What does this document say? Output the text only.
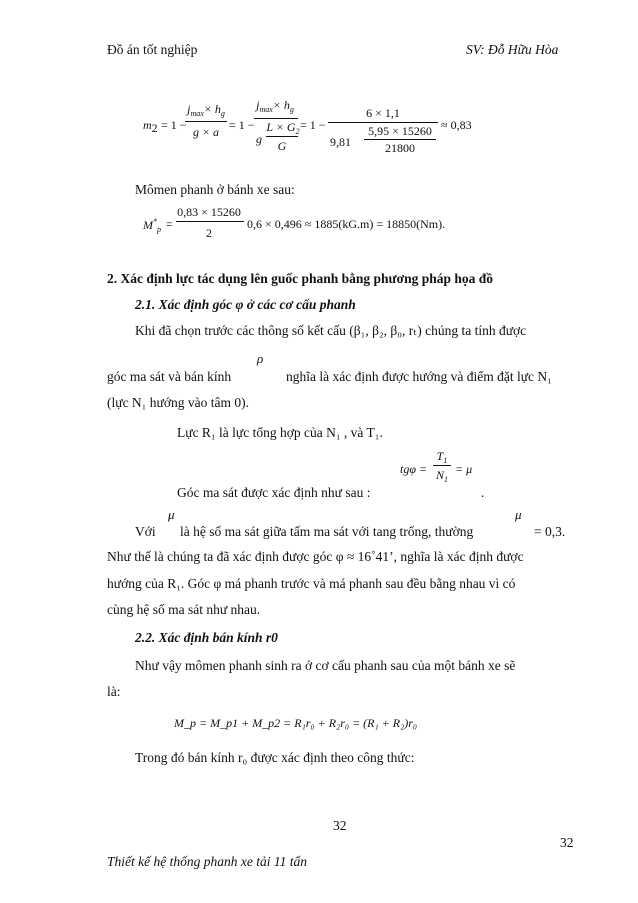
Đồ án tốt nghiệp	SV: Đỗ Hữu Hòa
$m_2 = 1$ −
$j_{max}\times h_g$
g × a = 1 −
$j_{max}\times h_g$
g
$L \times G_2$
G
= 1 −
6 × 1,1
9,81
5,95 × 15260
21800
≈ 0,83
Mômen phanh ở bánh xe sau:
$M^*_p$ =
0,83 × 15260
2
0,6 × 0,496 ≈ 1885(kG.m) = 18850(Nm).
2. Xác định lực tác dụng lên guốc phanh bằng phương pháp họa đồ
2.1. Xác định góc φ ở các cơ cấu phanh
Khi đã chọn trước các thông số kết cấu (β₁, β₂, β₀, rₜ) chúng ta tính được
ρ
góc ma sát và bán kính	nghĩa là xác định được hướng và điểm đặt lực N₁
(lực N₁ hướng vào tâm 0).
Lực R₁ là lực tổng hợp của N₁ , và T₁.
tgφ =
$T_1$
$N_1$
= μ
Góc ma sát được xác định như sau :	.
μ	μ
Với là hệ số ma sát giữa tấm ma sát với tang trống, thường	= 0,3.
Như thế là chúng ta đã xác định được góc φ ≈ 16˚41’, nghĩa là xác định được
hướng của R₁. Góc φ má phanh trước và má phanh sau đều bằng nhau vì có
cùng hệ số ma sát như nhau.
2.2. Xác định bán kính r0
Như vậy mômen phanh sinh ra ở cơ cấu phanh sau của một bánh xe sẽ
là:
M_p = M_p1 + M_p2 = R₁r₀ + R₂r₀ = (R₁ + R₂)r₀
Trong đó bán kính r₀ được xác định theo công thức:
32
32
Thiết kế hệ thống phanh xe tải 11 tấn
